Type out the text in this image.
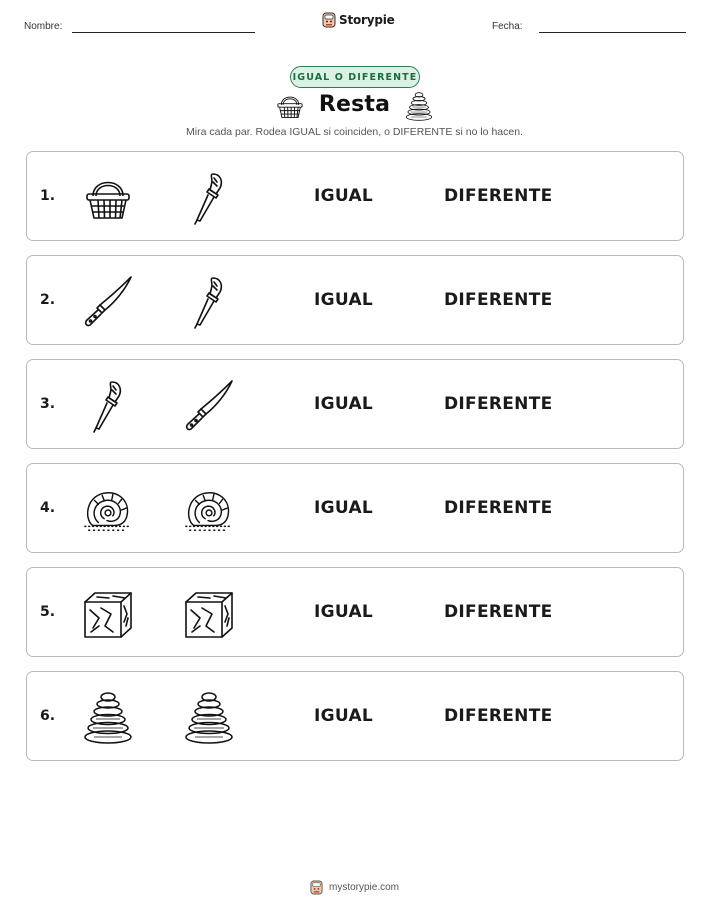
Nombre:	Storypie	Fecha:
IGUAL O DIFERENTE
Resta
Mira cada par. Rodea IGUAL si coinciden, o DIFERENTE si no lo hacen.
1.	IGUAL	DIFERENTE
2.	IGUAL	DIFERENTE
3.	IGUAL	DIFERENTE
4.	IGUAL	DIFERENTE
5.	IGUAL	DIFERENTE
6.	IGUAL	DIFERENTE
mystorypie.com
